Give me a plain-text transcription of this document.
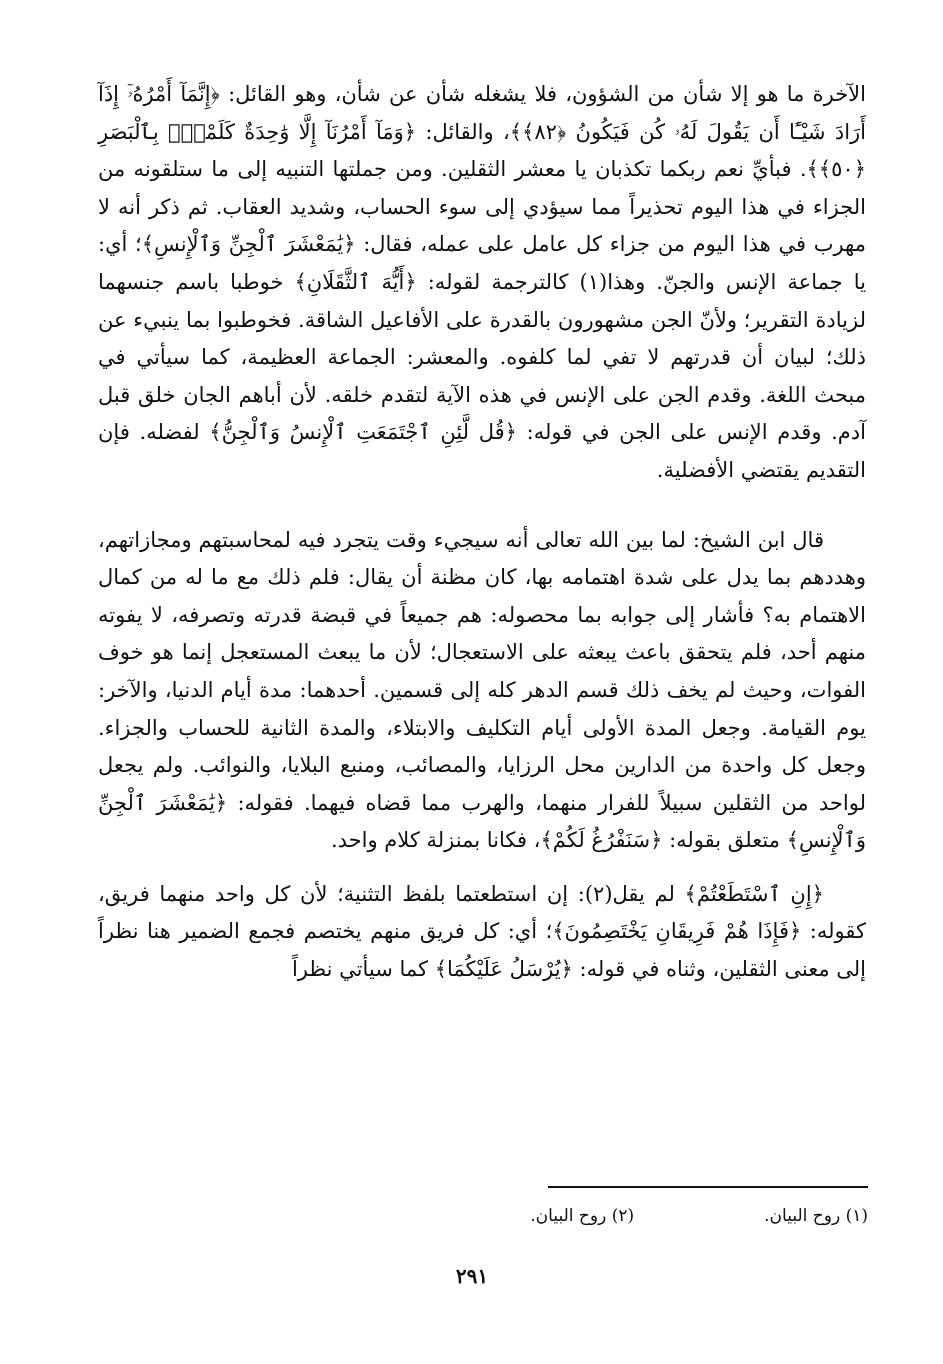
الآخرة ما هو إلا شأن من الشؤون، فلا يشغله شأن عن شأن، وهو القائل: ﴿إِنَّمَآ أَمْرُهُۥٓ إِذَآ أَرَادَ شَيْـًٔا أَن يَقُولَ لَهُۥ كُن فَيَكُونُ ﴿٨٢﴾﴾، والقائل: ﴿وَمَآ أَمْرُنَآ إِلَّا وَٰحِدَةٌ كَلَمْحٍۭ بِٱلْبَصَرِ ﴿٥٠﴾﴾. فبأيِّ نعم ربكما تكذبان يا معشر الثقلين. ومن جملتها التنبيه إلى ما ستلقونه من الجزاء في هذا اليوم تحذيراً مما سيؤدي إلى سوء الحساب، وشديد العقاب. ثم ذكر أنه لا مهرب في هذا اليوم من جزاء كل عامل على عمله، فقال: ﴿يَٰمَعْشَرَ ٱلْجِنِّ وَٱلْإِنسِ﴾؛ أي: يا جماعة الإنس والجنّ. وهذا(١) كالترجمة لقوله: ﴿أَيُّهَ ٱلثَّقَلَانِ﴾ خوطبا باسم جنسهما لزيادة التقرير؛ ولأنّ الجن مشهورون بالقدرة على الأفاعيل الشاقة. فخوطبوا بما ينبيء عن ذلك؛ لبيان أن قدرتهم لا تفي لما كلفوه. والمعشر: الجماعة العظيمة، كما سيأتي في مبحث اللغة. وقدم الجن على الإنس في هذه الآية لتقدم خلقه. لأن أباهم الجان خلق قبل آدم. وقدم الإنس على الجن في قوله: ﴿قُل لَّئِنِ ٱجْتَمَعَتِ ٱلْإِنسُ وَٱلْجِنُّ﴾ لفضله. فإن التقديم يقتضي الأفضلية.

قال ابن الشيخ: لما بين الله تعالى أنه سيجيء وقت يتجرد فيه لمحاسبتهم ومجازاتهم، وهددهم بما يدل على شدة اهتمامه بها، كان مظنة أن يقال: فلم ذلك مع ما له من كمال الاهتمام به؟ فأشار إلى جوابه بما محصوله: هم جميعاً في قبضة قدرته وتصرفه، لا يفوته منهم أحد، فلم يتحقق باعث يبعثه على الاستعجال؛ لأن ما يبعث المستعجل إنما هو خوف الفوات، وحيث لم يخف ذلك قسم الدهر كله إلى قسمين. أحدهما: مدة أيام الدنيا، والآخر: يوم القيامة. وجعل المدة الأولى أيام التكليف والابتلاء، والمدة الثانية للحساب والجزاء. وجعل كل واحدة من الدارين محل الرزايا، والمصائب، ومنبع البلايا، والنوائب. ولم يجعل لواحد من الثقلين سبيلاً للفرار منهما، والهرب مما قضاه فيهما. فقوله: ﴿يَٰمَعْشَرَ ٱلْجِنِّ وَٱلْإِنسِ﴾ متعلق بقوله: ﴿سَنَفْرُغُ لَكُمْ﴾، فكانا بمنزلة كلام واحد.

﴿إِنِ ٱسْتَطَعْتُمْ﴾ لم يقل(٢): إن استطعتما بلفظ التثنية؛ لأن كل واحد منهما فريق، كقوله: ﴿فَإِذَا هُمْ فَرِيقَانِ يَخْتَصِمُونَ﴾؛ أي: كل فريق منهم يختصم فجمع الضمير هنا نظراً إلى معنى الثقلين، وثناه في قوله: ﴿يُرْسَلُ عَلَيْكُمَا﴾ كما سيأتي نظراً

(١) روح البيان.
(٢) روح البيان.
٢٩١
